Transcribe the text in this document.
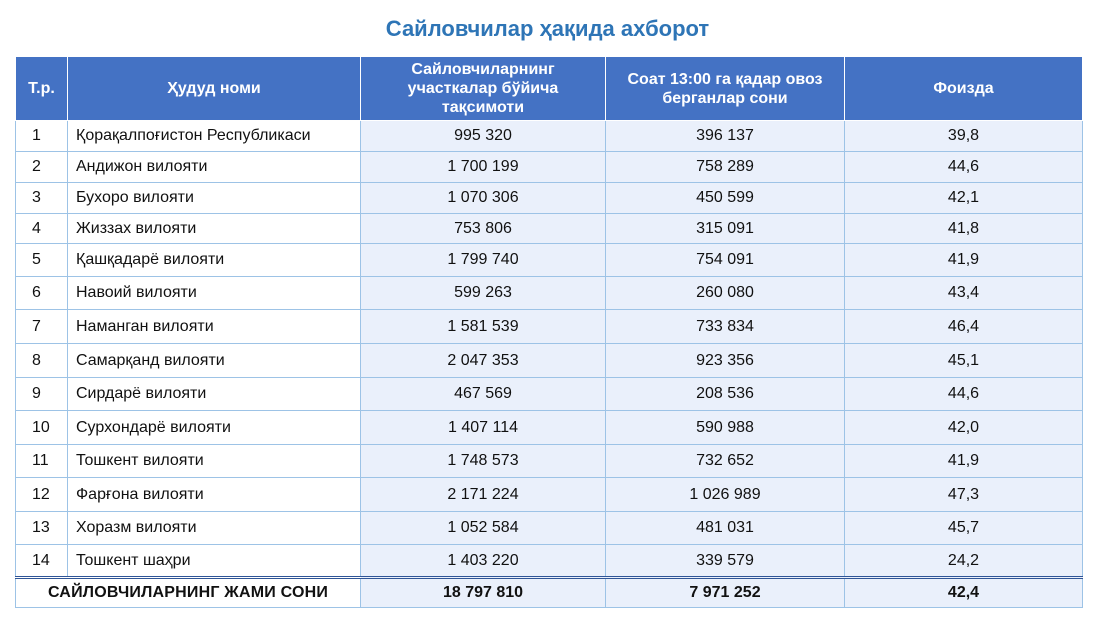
Сайловчилар ҳақида ахборот
Т.р.	Ҳудуд номи	Сайловчиларнинг участкалар бўйича тақсимоти	Соат 13:00 га қадар овоз берганлар сони	Фоизда
1	Қорақалпоғистон Республикаси	995 320	396 137	39,8
2	Андижон вилояти	1 700 199	758 289	44,6
3	Бухоро вилояти	1 070 306	450 599	42,1
4	Жиззах вилояти	753 806	315 091	41,8
5	Қашқадарё вилояти	1 799 740	754 091	41,9
6	Навоий вилояти	599 263	260 080	43,4
7	Наманган вилояти	1 581 539	733 834	46,4
8	Самарқанд вилояти	2 047 353	923 356	45,1
9	Сирдарё вилояти	467 569	208 536	44,6
10	Сурхондарё вилояти	1 407 114	590 988	42,0
11	Тошкент вилояти	1 748 573	732 652	41,9
12	Фарғона вилояти	2 171 224	1 026 989	47,3
13	Хоразм вилояти	1 052 584	481 031	45,7
14	Тошкент шаҳри	1 403 220	339 579	24,2
САЙЛОВЧИЛАРНИНГ ЖАМИ СОНИ		18 797 810	7 971 252	42,4
